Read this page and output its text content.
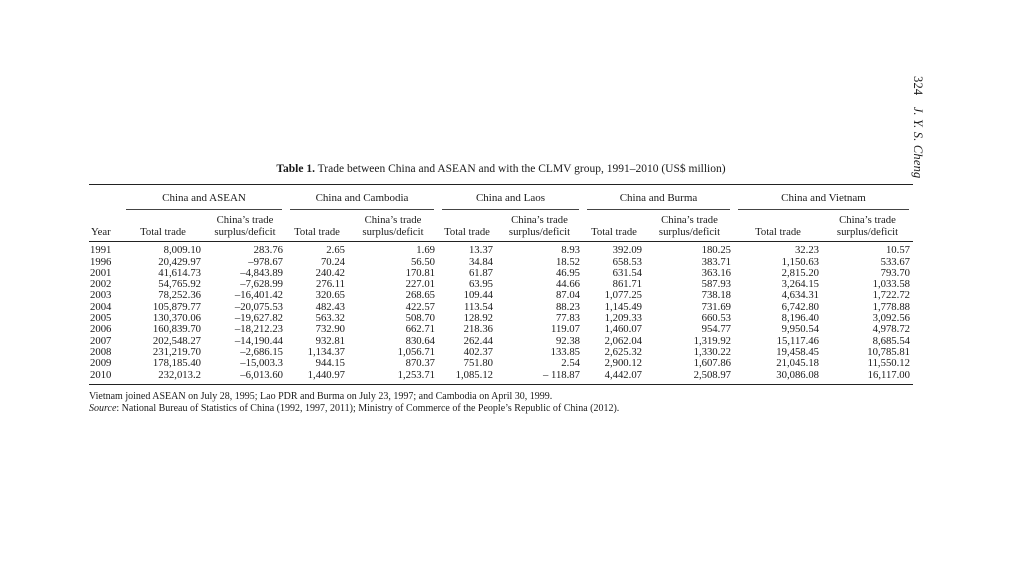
324 J. Y. S. Cheng
Table 1. Trade between China and ASEAN and with the CLMV group, 1991–2010 (US$ million)

	China and ASEAN		China and Cambodia		China and Laos		China and Burma		China and Vietnam	

Year	Total trade	China’s trade surplus/deficit	Total trade	China’s trade surplus/deficit	Total trade	China’s trade surplus/deficit	Total trade	China’s trade surplus/deficit	Total trade	China’s trade surplus/deficit
1991	8,009.10	283.76	2.65	1.69	13.37	8.93	392.09	180.25	32.23	10.57
1996	20,429.97	–978.67	70.24	56.50	34.84	18.52	658.53	383.71	1,150.63	533.67
2001	41,614.73	–4,843.89	240.42	170.81	61.87	46.95	631.54	363.16	2,815.20	793.70
2002	54,765.92	–7,628.99	276.11	227.01	63.95	44.66	861.71	587.93	3,264.15	1,033.58
2003	78,252.36	–16,401.42	320.65	268.65	109.44	87.04	1,077.25	738.18	4,634.31	1,722.72
2004	105,879.77	–20,075.53	482.43	422.57	113.54	88.23	1,145.49	731.69	6,742.80	1,778.88
2005	130,370.06	–19,627.82	563.32	508.70	128.92	77.83	1,209.33	660.53	8,196.40	3,092.56
2006	160,839.70	–18,212.23	732.90	662.71	218.36	119.07	1,460.07	954.77	9,950.54	4,978.72
2007	202,548.27	–14,190.44	932.81	830.64	262.44	92.38	2,062.04	1,319.92	15,117.46	8,685.54
2008	231,219.70	–2,686.15	1,134.37	1,056.71	402.37	133.85	2,625.32	1,330.22	19,458.45	10,785.81
2009	178,185.40	–15,003.3	944.15	870.37	751.80	2.54	2,900.12	1,607.86	21,045.18	11,550.12
2010	232,013.2	–6,013.60	1,440.97	1,253.71	1,085.12	– 118.87	4,442.07	2,508.97	30,086.08	16,117.00
Vietnam joined ASEAN on July 28, 1995; Lao PDR and Burma on July 23, 1997; and Cambodia on April 30, 1999.
Source: National Bureau of Statistics of China (1992, 1997, 2011); Ministry of Commerce of the People’s Republic of China (2012).
